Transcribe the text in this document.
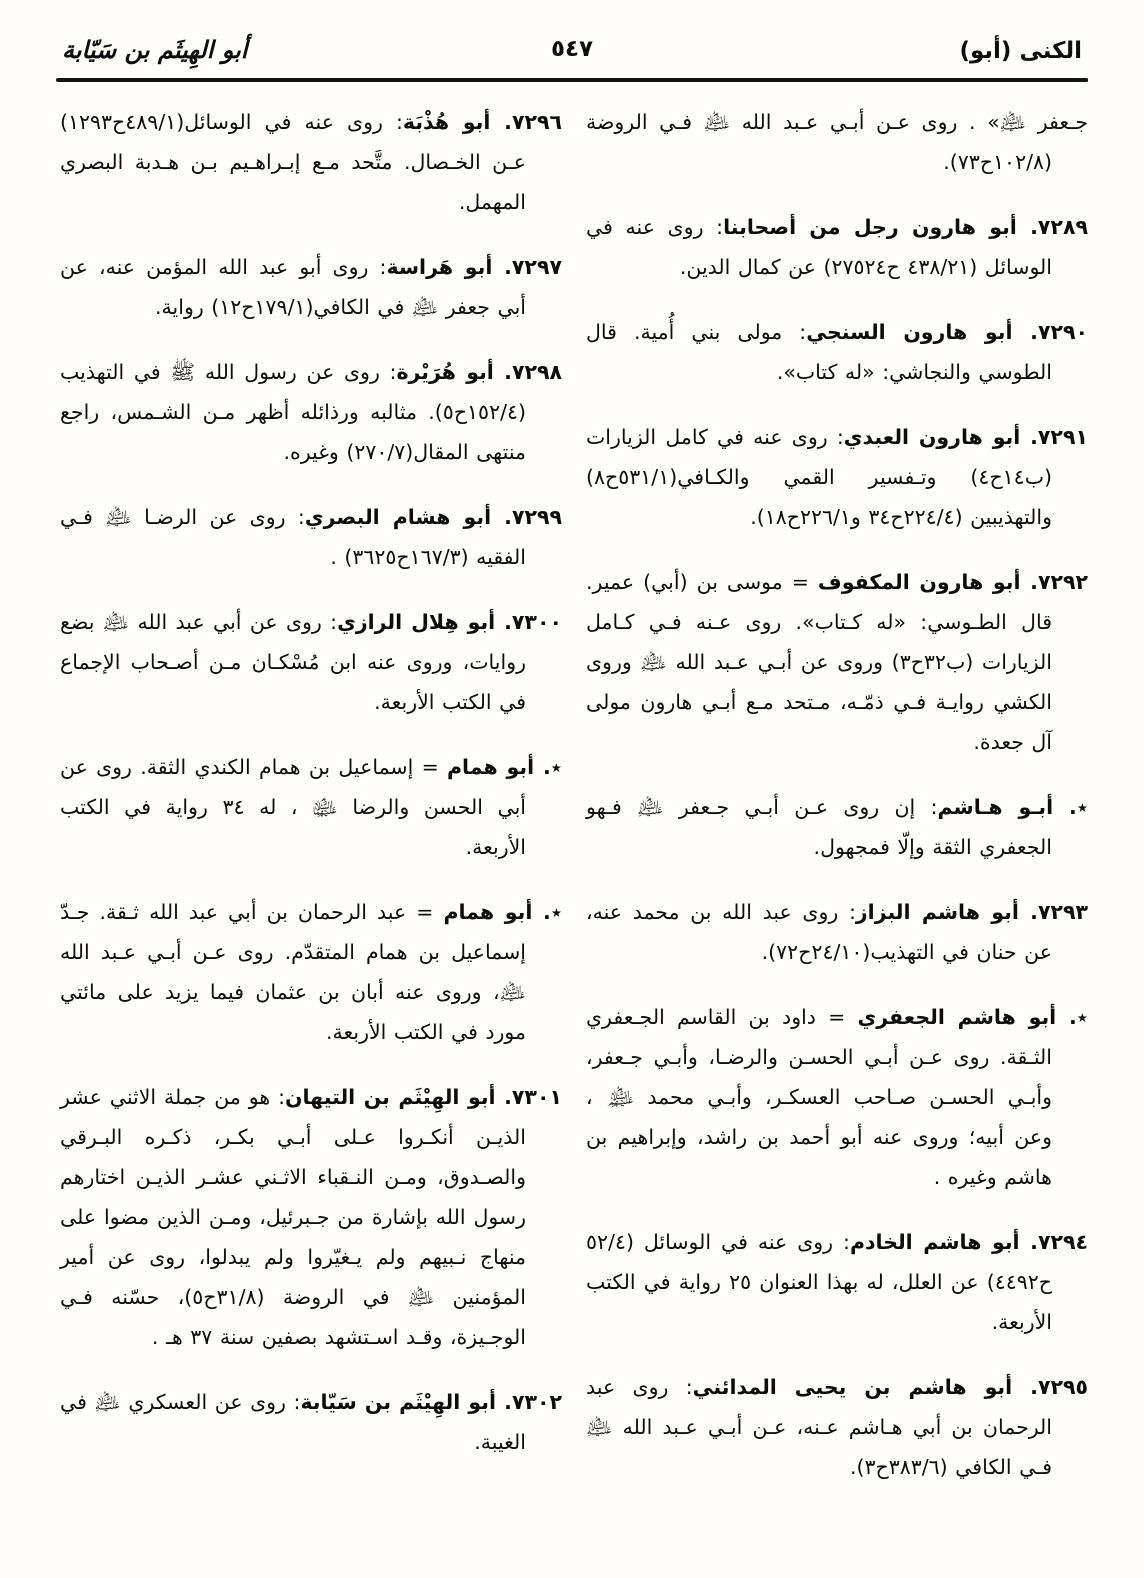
الكنى (أبو)
٥٤٧
أبو الهِيثَم بن سَيّابة

جـعفر ﵇» . روى عـن أبـي عـبد الله ﵇ فـي الروضة (١٠٢/٨ح٧٣).

٧٢٨٩. أبو هارون رجل من أصحابنا: روى عنه في الوسائل (٤٣٨/٢١ ح٢٧٥٢٤) عن كمال الدين.

٧٢٩٠. أبو هارون السنجي: مولى بني أُمية. قال الطوسي والنجاشي: «له كتاب».

٧٢٩١. أبو هارون العبدي: روى عنه في كامل الزيارات (ب١٤ح٤) وتـفسير القمي والكـافي(٥٣١/١ح٨) والتهذيبين (٢٢٤/٤ح٣٤ و٢٢٦/١ح١٨).

٧٢٩٢. أبو هارون المكفوف = موسى بن (أبي) عمير. قال الطـوسي: «له كـتاب». روى عـنه فـي كـامل الزيارات (ب٣٢ح٣) وروى عن أبـي عـبد الله ﵇ وروى الكشي روايـة فـي ذمّـه، مـتحد مـع أبـي هارون مولى آل جعدة.

٭. أبـو هـاشم: إن روى عـن أبـي جـعفر ﵇ فـهو الجعفري الثقة وإلّا فمجهول.

٧٢٩٣. أبو هاشم البزاز: روى عبد الله بن محمد عنه، عن حنان في التهذيب(٢٤/١٠ح٧٢).

٭. أبو هاشم الجعفري = داود بن القاسم الجـعفري الثـقة. روى عـن أبـي الحسـن والرضـا، وأبـي جـعفر، وأبـي الحسـن صـاحب العسكـر، وأبـي محمد ﵈ ، وعن أبيه؛ وروى عنه أبو أحمد بن راشد، وإبراهيم بن هاشم وغيره .

٧٢٩٤. أبو هاشم الخادم: روى عنه في الوسائل (٥٢/٤ ح٤٤٩٢) عن العلل، له بهذا العنوان ٢٥ رواية في الكتب الأربعة.

٧٢٩٥. أبو هاشم بن يحيى المدائني: روى عبد الرحمان بن أبي هـاشم عـنه، عـن أبـي عـبد الله ﵇ فـي الكافي (٣٨٣/٦ح٣).

٧٢٩٦. أبو هُذْبَة: روى عنه في الوسائل(٤٨٩/١ح١٢٩٣) عـن الخـصال. متَّحد مـع إبـراهـيم بـن هـدبة البصري المهمل.

٧٢٩٧. أبو هَراسة: روى أبو عبد الله المؤمن عنه، عن أبي جعفر ﵇ في الكافي(١٧٩/١ح١٢) رواية.

٧٢٩٨. أبو هُرَيْرة: روى عن رسول الله ﷺ في التهذيب (١٥٢/٤ح٥). مثالبه ورذائله أظهر مـن الشـمس، راجع منتهى المقال(٢٧٠/٧) وغيره.

٧٢٩٩. أبو هشام البصري: روى عن الرضـا ﵇ فـي الفقيه (١٦٧/٣ح٣٦٢٥) .

٧٣٠٠. أبو هِلال الرازي: روى عن أبي عبد الله ﵇ بضع روايات، وروى عنه ابن مُسْكـان مـن أصـحاب الإجماع في الكتب الأربعة.

٭. أبو همام = إسماعيل بن همام الكندي الثقة. روى عن أبي الحسن والرضا ﵉ ، له ٣٤ رواية في الكتب الأربعة.

٭. أبو همام = عبد الرحمان بن أبي عبد الله ثـقة. جـدّ إسماعيل بن همام المتقدّم. روى عـن أبـي عـبد الله ﵇، وروى عنه أبان بن عثمان فيما يزيد على مائتي مورد في الكتب الأربعة.

٧٣٠١. أبو الهِيْثَم بن التيهان: هو من جملة الاثني عشر الذيـن أنكـروا عـلى أبـي بكـر، ذكـره البـرقي والصـدوق، ومـن النـقباء الاثـني عشـر الذيـن اختارهم رسول الله بإشارة من جـبرئيل، ومـن الذين مضوا على منهاج نـبيهم ولم يـغيّروا ولم يبدلوا، روى عن أمير المؤمنين ﵇ في الروضة (٣١/٨ح٥)، حسّنه فـي الوجـيزة، وقـد اسـتشهد بصفين سنة ٣٧ هـ .

٧٣٠٢. أبو الهِيْثَم بن سَيّابة: روى عن العسكري ﵇ في الغيبة.
